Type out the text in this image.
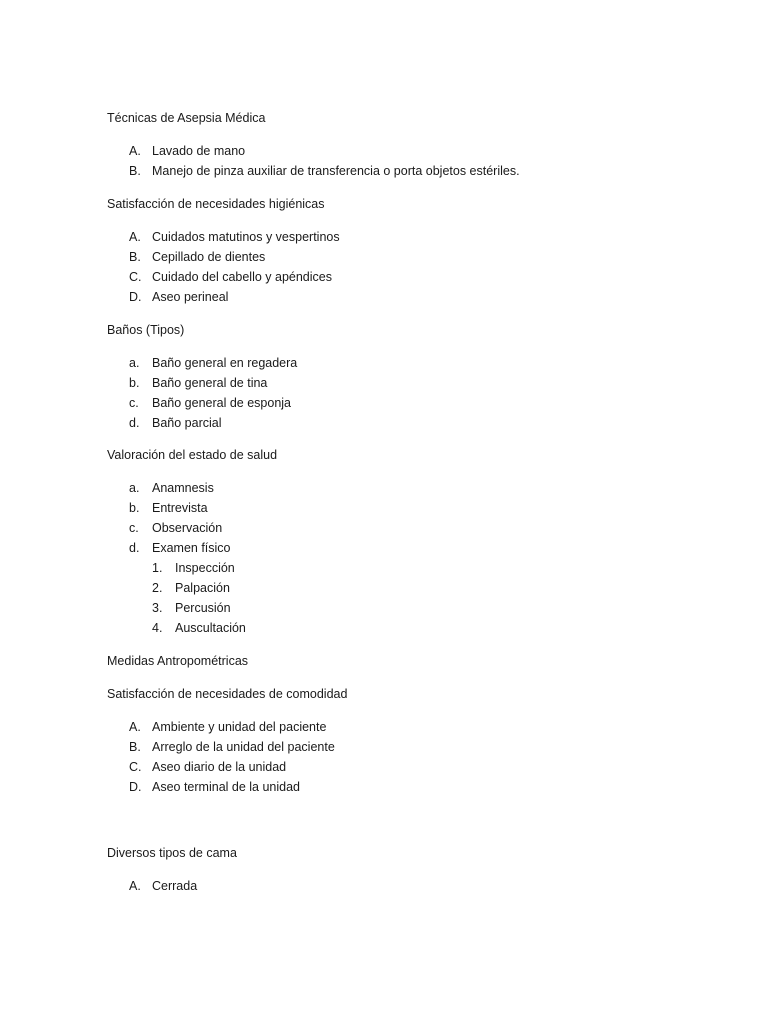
Técnicas de Asepsia Médica
A. Lavado de mano
B. Manejo de pinza auxiliar de transferencia o porta objetos estériles.
Satisfacción de necesidades higiénicas
A. Cuidados matutinos y vespertinos
B. Cepillado de dientes
C. Cuidado del cabello y apéndices
D. Aseo perineal
Baños (Tipos)
a. Baño general en regadera
b. Baño general de tina
c. Baño general de esponja
d. Baño parcial
Valoración del estado de salud
a. Anamnesis
b. Entrevista
c. Observación
d. Examen físico
1. Inspección
2. Palpación
3. Percusión
4. Auscultación
Medidas Antropométricas
Satisfacción de necesidades de comodidad
A. Ambiente y unidad del paciente
B. Arreglo de la unidad del paciente
C. Aseo diario de la unidad
D. Aseo terminal de la unidad
Diversos tipos de cama
A. Cerrada
